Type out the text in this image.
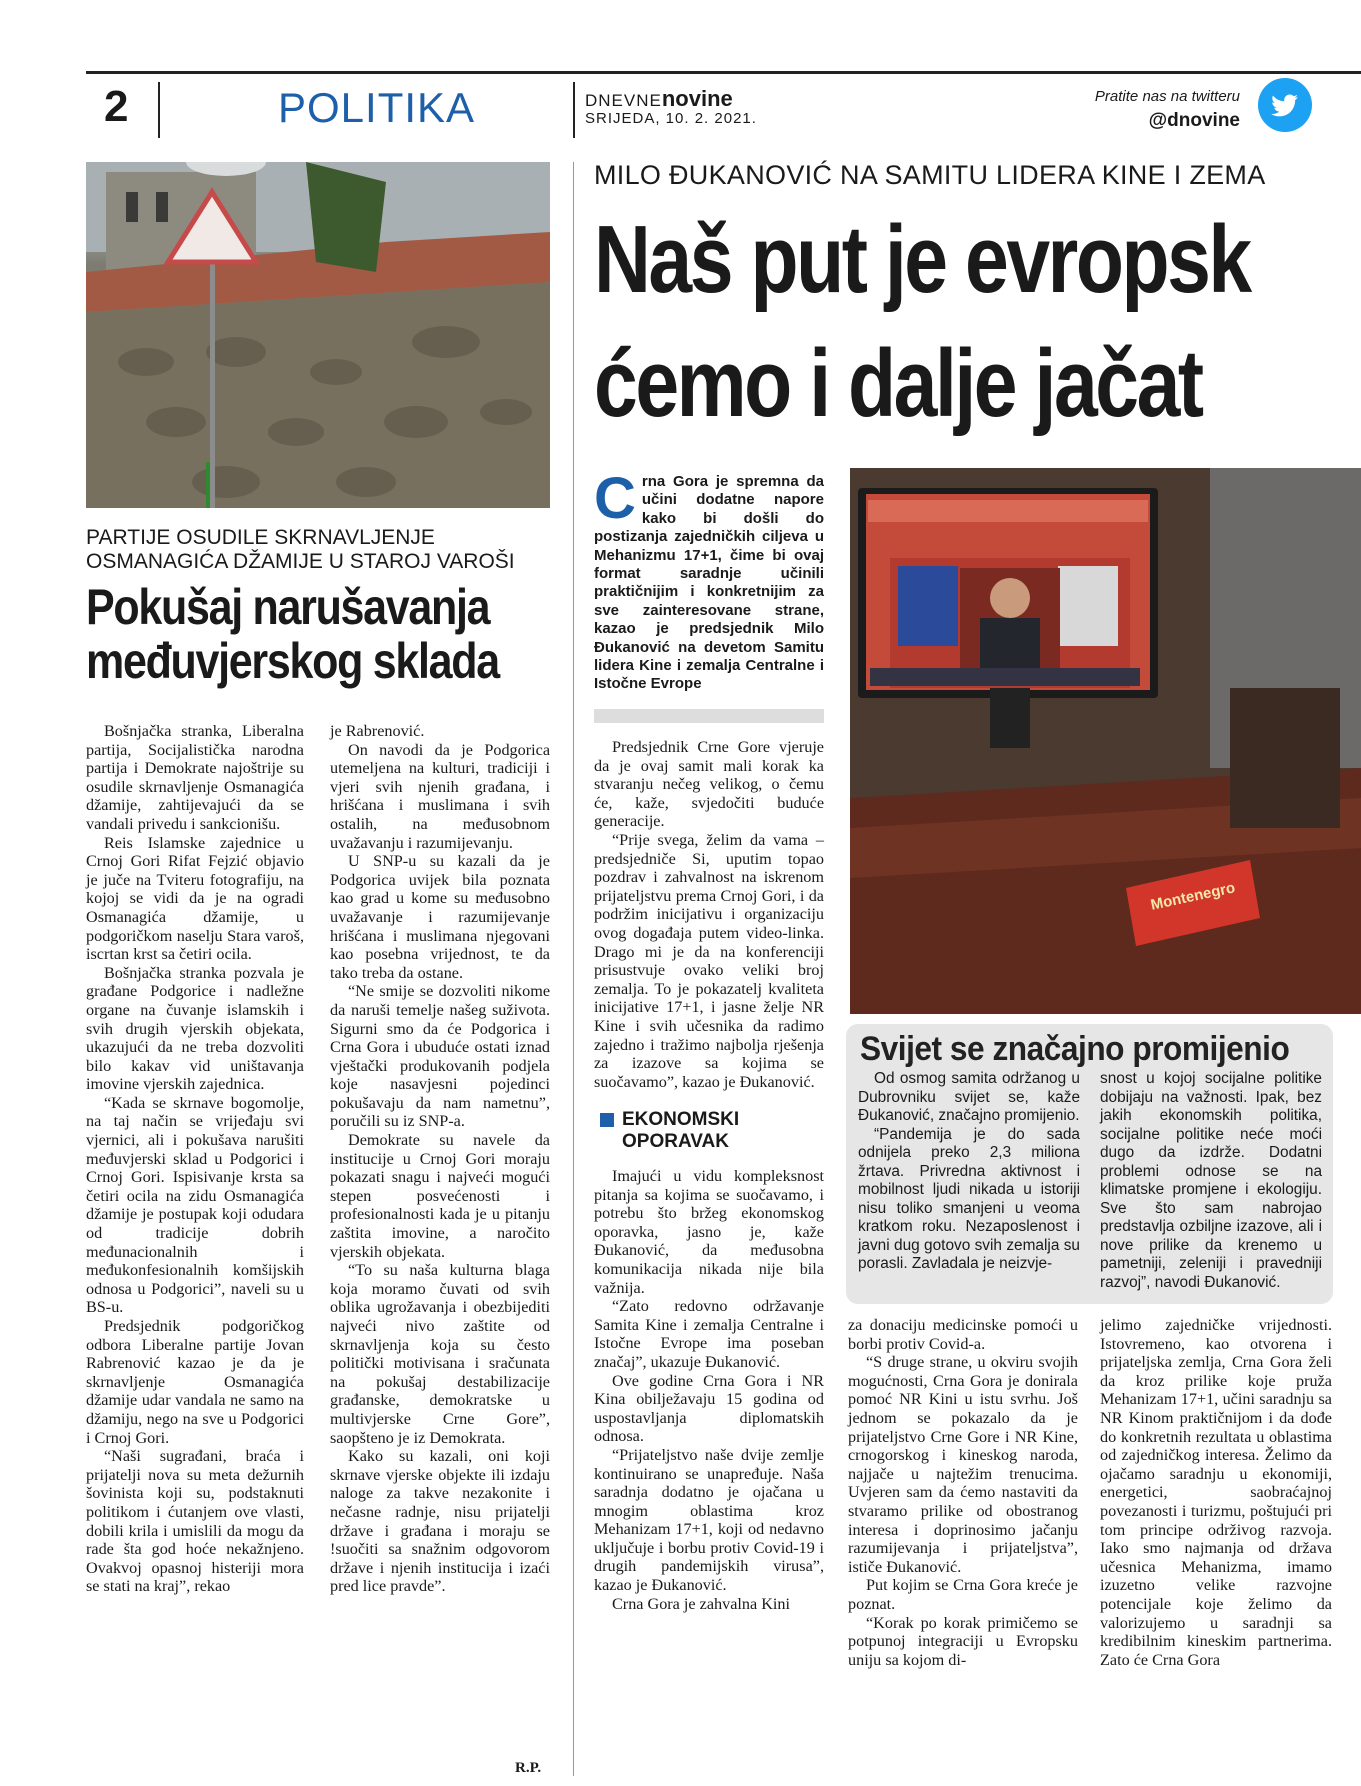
2	POLITIKA	DNEVNEnovine
SRIJEDA, 10. 2. 2021.
Pratite nas na twitteru
@dnovine
PARTIJE OSUDILE SKRNAVLJENJE
OSMANAGIĆA DŽAMIJE U STAROJ VAROŠI
Pokušaj narušavanja
međuvjerskog sklada

Bošnjačka stranka, Liberalna partija, Socijalistička narodna partija i Demokrate najoštrije su osudile skrnavljenje Osmanagića džamije, zahtijevajući da se vandali privedu i sankcionišu.

Reis Islamske zajednice u Crnoj Gori Rifat Fejzić objavio je juče na Tviteru fotografiju, na kojoj se vidi da je na ogradi Osmanagića džamije, u podgoričkom naselju Stara varoš, iscrtan krst sa četiri ocila.

Bošnjačka stranka pozvala je građane Podgorice i nadležne organe na čuvanje islamskih i svih drugih vjerskih objekata, ukazujući da ne treba dozvoliti bilo kakav vid uništavanja imovine vjerskih zajednica.

“Kada se skrnave bogomolje, na taj način se vrijeđaju svi vjernici, ali i pokušava narušiti međuvjerski sklad u Podgorici i Crnoj Gori. Ispisivanje krsta sa četiri ocila na zidu Osmanagića džamije je postupak koji odudara od tradicije dobrih međunacionalnih i međukonfesionalnih komšijskih odnosa u Podgorici”, naveli su u BS-u.

Predsjednik podgoričkog odbora Liberalne partije Jovan Rabrenović kazao je da je skrnavljenje Osmanagića džamije udar vandala ne samo na džamiju, nego na sve u Podgorici i Crnoj Gori.

“Naši sugrađani, braća i prijatelji nova su meta dežurnih šovinista koji su, podstaknuti politikom i ćutanjem ove vlasti, dobili krila i umislili da mogu da rade šta god hoće nekažnjeno. Ovakvoj opasnoj histeriji mora se stati na kraj”, rekao

je Rabrenović.

On navodi da je Podgorica utemeljena na kulturi, tradiciji i vjeri svih njenih građana, i hrišćana i muslimana i svih ostalih, na međusobnom uvažavanju i razumijevanju.

U SNP-u su kazali da je Podgorica uvijek bila poznata kao grad u kome su međusobno uvažavanje i razumijevanje hrišćana i muslimana njegovani kao posebna vrijednost, te da tako treba da ostane.

“Ne smije se dozvoliti nikome da naruši temelje našeg suživota. Sigurni smo da će Podgorica i Crna Gora i ubuduće ostati iznad vještački produkovanih podjela koje nasavjesni pojedinci pokušavaju da nam nametnu”, poručili su iz SNP-a.

Demokrate su navele da institucije u Crnoj Gori moraju pokazati snagu i najveći mogući stepen posvećenosti i profesionalnosti kada je u pitanju zaštita imovine, a naročito vjerskih objekata.

“To su naša kulturna blaga koja moramo čuvati od svih oblika ugrožavanja i obezbijediti najveći nivo zaštite od skrnavljenja koja su često politički motivisana i sračunata na pokušaj destabilizacije građanske, demokratske u multivjerske Crne Gore”, saopšteno je iz Demokrata.

Kako su kazali, oni koji skrnave vjerske objekte ili izdaju naloge za takve nezakonite i nečasne radnje, nisu prijatelji države i građana i moraju se !suočiti sa snažnim odgovorom države i njenih institucija i izaći pred lice pravde”.

R.P.
MILO ĐUKANOVIĆ NA SAMITU LIDERA KINE I ZEMA
Naš put je evropsk
ćemo i dalje jačat
Crna Gora je spremna da učini dodatne napore kako bi došli do postizanja zajedničkih ciljeva u Mehanizmu 17+1, čime bi ovaj format saradnje učinili praktičnijim i konkretnijim za sve zainteresovane strane, kazao je predsjednik Milo Đukanović na devetom Samitu lidera Kine i zemalja Centralne i Istočne Evrope
Montenegro
Svijet se značajno promijenio

Od osmog samita održanog u Dubrovniku svijet se, kaže Đukanović, značajno promijenio.

“Pandemija je do sada odnijela preko 2,3 miliona žrtava. Privredna aktivnost i mobilnost ljudi nikada u istoriji nisu toliko smanjeni u veoma kratkom roku. Nezaposlenost i javni dug gotovo svih zemalja su porasli. Zavladala je neizvje-

snost u kojoj socijalne politike dobijaju na važnosti. Ipak, bez jakih ekonomskih politika, socijalne politike neće moći dugo da izdrže. Dodatni problemi odnose se na klimatske promjene i ekologiju. Sve što sam nabrojao predstavlja ozbiljne izazove, ali i nove prilike da krenemo u pametniji, zeleniji i pravedniji razvoj”, navodi Đukanović.

Predsjednik Crne Gore vjeruje da je ovaj samit mali korak ka stvaranju nečeg velikog, o čemu će, kaže, svjedočiti buduće generacije.

“Prije svega, želim da vama – predsjedniče Si, uputim topao pozdrav i zahvalnost na iskrenom prijateljstvu prema Crnoj Gori, i da podržim inicijativu i organizaciju ovog događaja putem video-linka. Drago mi je da na konferenciji prisustvuje ovako veliki broj zemalja. To je pokazatelj kvaliteta inicijative 17+1, i jasne želje NR Kine i svih učesnika da radimo zajedno i tražimo najbolja rješenja za izazove sa kojima se suočavamo”, kazao je Đukanović.

EKONOMSKI
OPORAVAK

Imajući u vidu kompleksnost pitanja sa kojima se suočavamo, i potrebu što bržeg ekonomskog oporavka, jasno je, kaže Đukanović, da međusobna komunikacija nikada nije bila važnija.

“Zato redovno održavanje Samita Kine i zemalja Centralne i Istočne Evrope ima poseban značaj”, ukazuje Đukanović.

Ove godine Crna Gora i NR Kina obilježavaju 15 godina od uspostavljanja diplomatskih odnosa.

“Prijateljstvo naše dvije zemlje kontinuirano se unapređuje. Naša saradnja dodatno je ojačana u mnogim oblastima kroz Mehanizam 17+1, koji od nedavno uključuje i borbu protiv Covid-19 i drugih pandemijskih virusa”, kazao je Đukanović.

Crna Gora je zahvalna Kini

za donaciju medicinske pomoći u borbi protiv Covid-a.

“S druge strane, u okviru svojih mogućnosti, Crna Gora je donirala pomoć NR Kini u istu svrhu. Još jednom se pokazalo da je prijateljstvo Crne Gore i NR Kine, crnogorskog i kineskog naroda, najjače u najtežim trenucima. Uvjeren sam da ćemo nastaviti da stvaramo prilike od obostranog interesa i doprinosimo jačanju razumijevanja i prijateljstva”, ističe Đukanović.

Put kojim se Crna Gora kreće je poznat.

“Korak po korak primičemo se potpunoj integraciji u Evropsku uniju sa kojom di-

jelimo zajedničke vrijednosti. Istovremeno, kao otvorena i prijateljska zemlja, Crna Gora želi da kroz prilike koje pruža Mehanizam 17+1, učini saradnju sa NR Kinom praktičnijom i da dođe do konkretnih rezultata u oblastima od zajedničkog interesa. Želimo da ojačamo saradnju u ekonomiji, energetici, saobraćajnoj povezanosti i turizmu, poštujući pri tom principe održivog razvoja. Iako smo najmanja od država učesnica Mehanizma, imamo izuzetno velike razvojne potencijale koje želimo da valorizujemo u saradnji sa kredibilnim kineskim partnerima. Zato će Crna Gora
